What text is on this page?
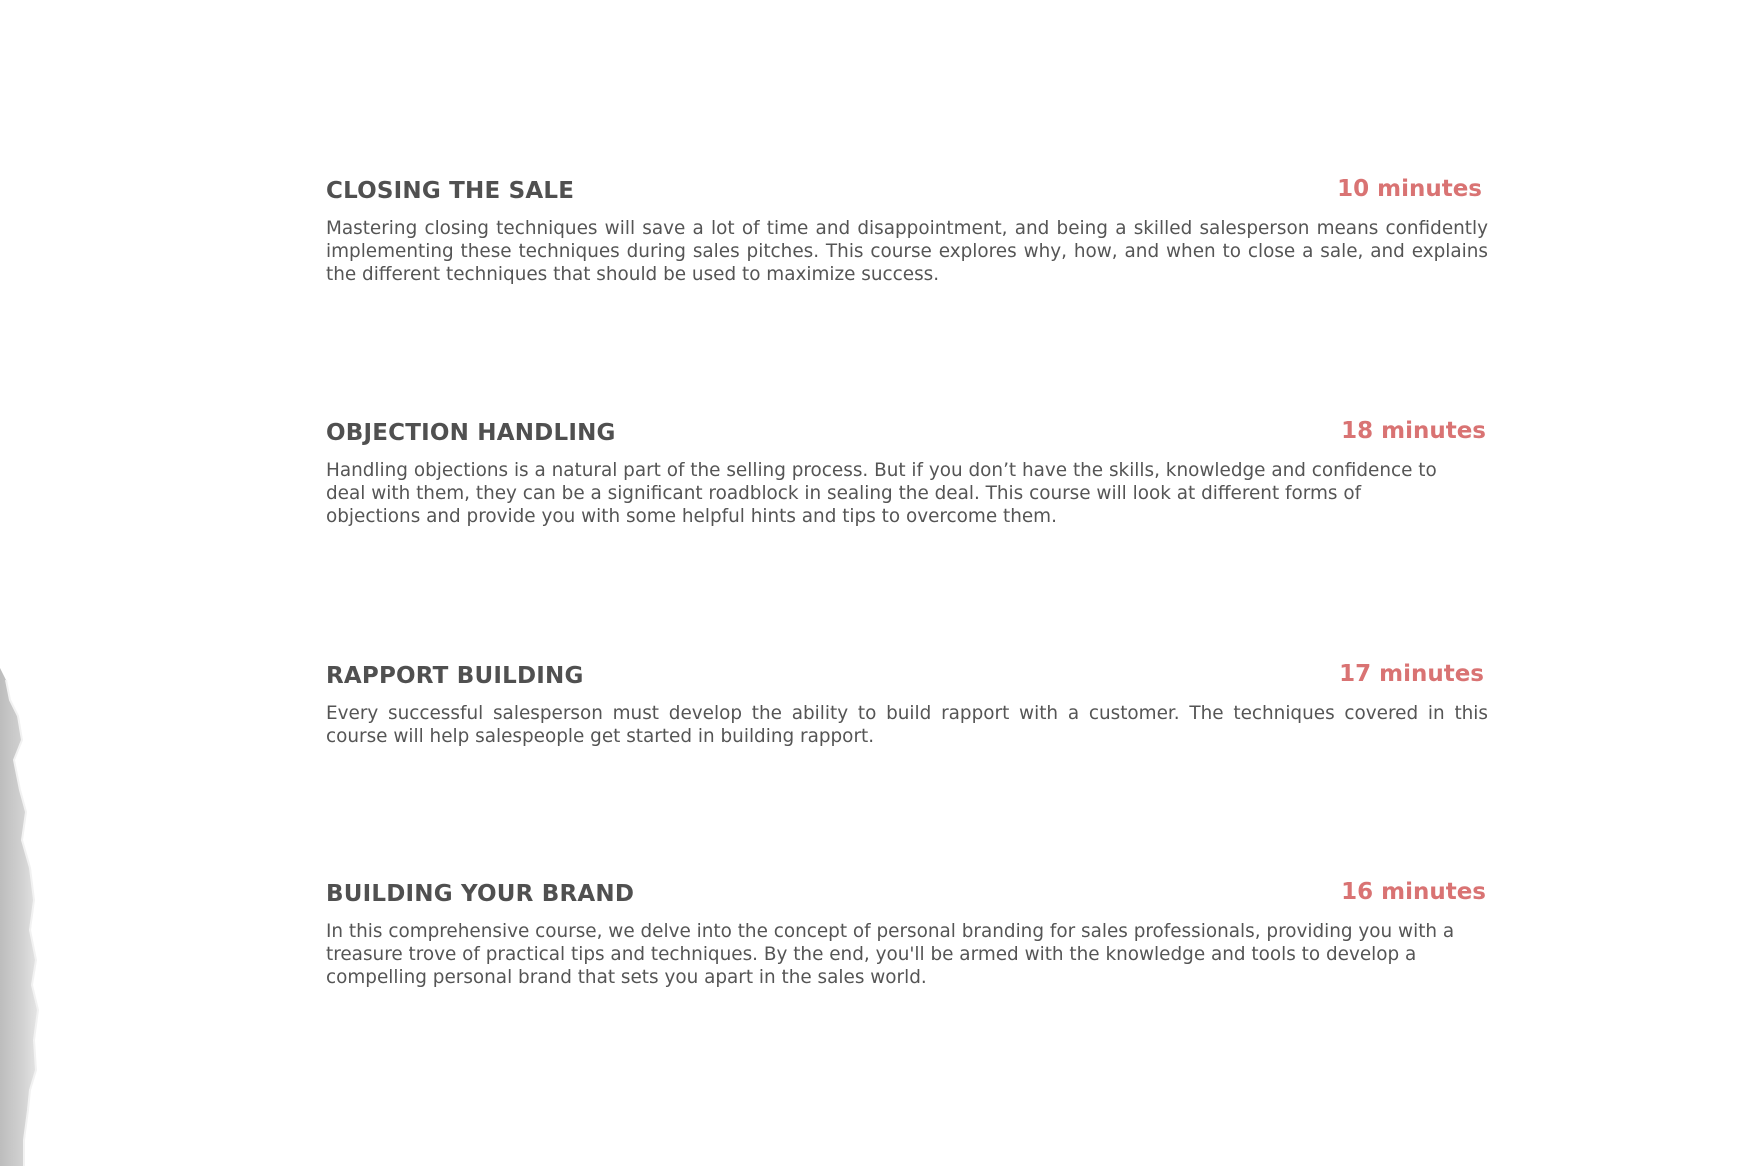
CLOSING THE SALE	10 minutes

Mastering closing techniques will save a lot of time and disappointment, and being a skilled salesperson means confidently implementing these techniques during sales pitches. This course explores why, how, and when to close a sale, and explains the different techniques that should be used to maximize success.

OBJECTION HANDLING	18 minutes

Handling objections is a natural part of the selling process. But if you don’t have the skills, knowledge and confidence to deal with them, they can be a significant roadblock in sealing the deal. This course will look at different forms of objections and provide you with some helpful hints and tips to overcome them.

RAPPORT BUILDING	17 minutes

Every successful salesperson must develop the ability to build rapport with a customer. The techniques covered in this course will help salespeople get started in building rapport.

BUILDING YOUR BRAND	16 minutes

In this comprehensive course, we delve into the concept of personal branding for sales professionals, providing you with a treasure trove of practical tips and techniques. By the end, you'll be armed with the knowledge and tools to develop a compelling personal brand that sets you apart in the sales world.
